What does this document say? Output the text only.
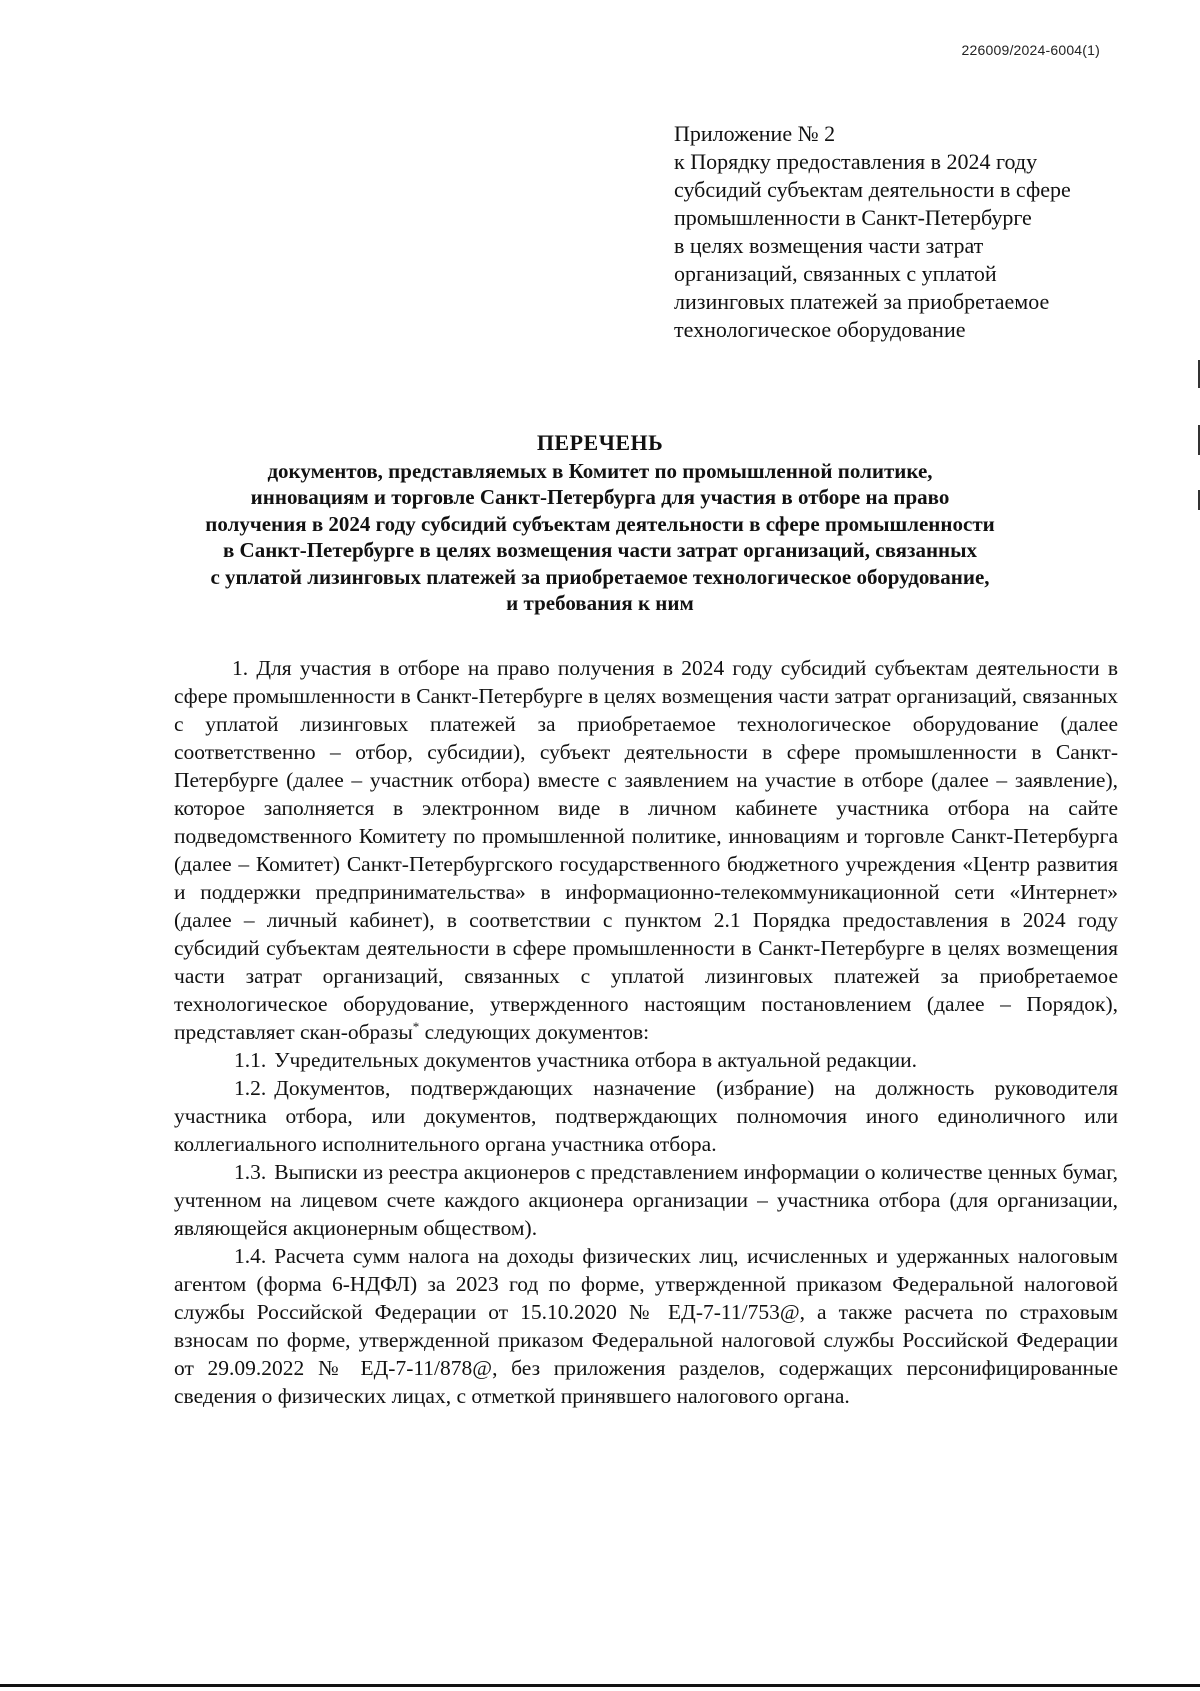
226009/2024-6004(1)
Приложение № 2
к Порядку предоставления в 2024 году
субсидий субъектам деятельности в сфере
промышленности в Санкт-Петербурге
в целях возмещения части затрат
организаций, связанных с уплатой
лизинговых платежей за приобретаемое
технологическое оборудование
ПЕРЕЧЕНЬ
документов, представляемых в Комитет по промышленной политике,
инновациям и торговле Санкт-Петербурга для участия в отборе на право
получения в 2024 году субсидий субъектам деятельности в сфере промышленности
в Санкт-Петербурге в целях возмещения части затрат организаций, связанных
с уплатой лизинговых платежей за приобретаемое технологическое оборудование,
и требования к ним

1. Для участия в отборе на право получения в 2024 году субсидий субъектам деятельности в сфере промышленности в Санкт-Петербурге в целях возмещения части затрат организаций, связанных с уплатой лизинговых платежей за приобретаемое технологическое оборудование (далее соответственно – отбор, субсидии), субъект деятельности в сфере промышленности в Санкт-Петербурге (далее – участник отбора) вместе с заявлением на участие в отборе (далее – заявление), которое заполняется в электронном виде в личном кабинете участника отбора на сайте подведомственного Комитету по промышленной политике, инновациям и торговле Санкт-Петербурга (далее – Комитет) Санкт-Петербургского государственного бюджетного учреждения «Центр развития и поддержки предпринимательства» в информационно-телекоммуникационной сети «Интернет» (далее – личный кабинет), в соответствии с пунктом 2.1 Порядка предоставления в 2024 году субсидий субъектам деятельности в сфере промышленности в Санкт-Петербурге в целях возмещения части затрат организаций, связанных с уплатой лизинговых платежей за приобретаемое технологическое оборудование, утвержденного настоящим постановлением (далее – Порядок), представляет скан-образы* следующих документов:

1.1. Учредительных документов участника отбора в актуальной редакции.

1.2. Документов, подтверждающих назначение (избрание) на должность руководителя участника отбора, или документов, подтверждающих полномочия иного единоличного или коллегиального исполнительного органа участника отбора.

1.3. Выписки из реестра акционеров с представлением информации о количестве ценных бумаг, учтенном на лицевом счете каждого акционера организации – участника отбора (для организации, являющейся акционерным обществом).

1.4. Расчета сумм налога на доходы физических лиц, исчисленных и удержанных налоговым агентом (форма 6-НДФЛ) за 2023 год по форме, утвержденной приказом Федеральной налоговой службы Российской Федерации от 15.10.2020 № ЕД-7-11/753@, а также расчета по страховым взносам по форме, утвержденной приказом Федеральной налоговой службы Российской Федерации от 29.09.2022 № ЕД-7-11/878@, без приложения разделов, содержащих персонифицированные сведения о физических лицах, с отметкой принявшего налогового органа.
